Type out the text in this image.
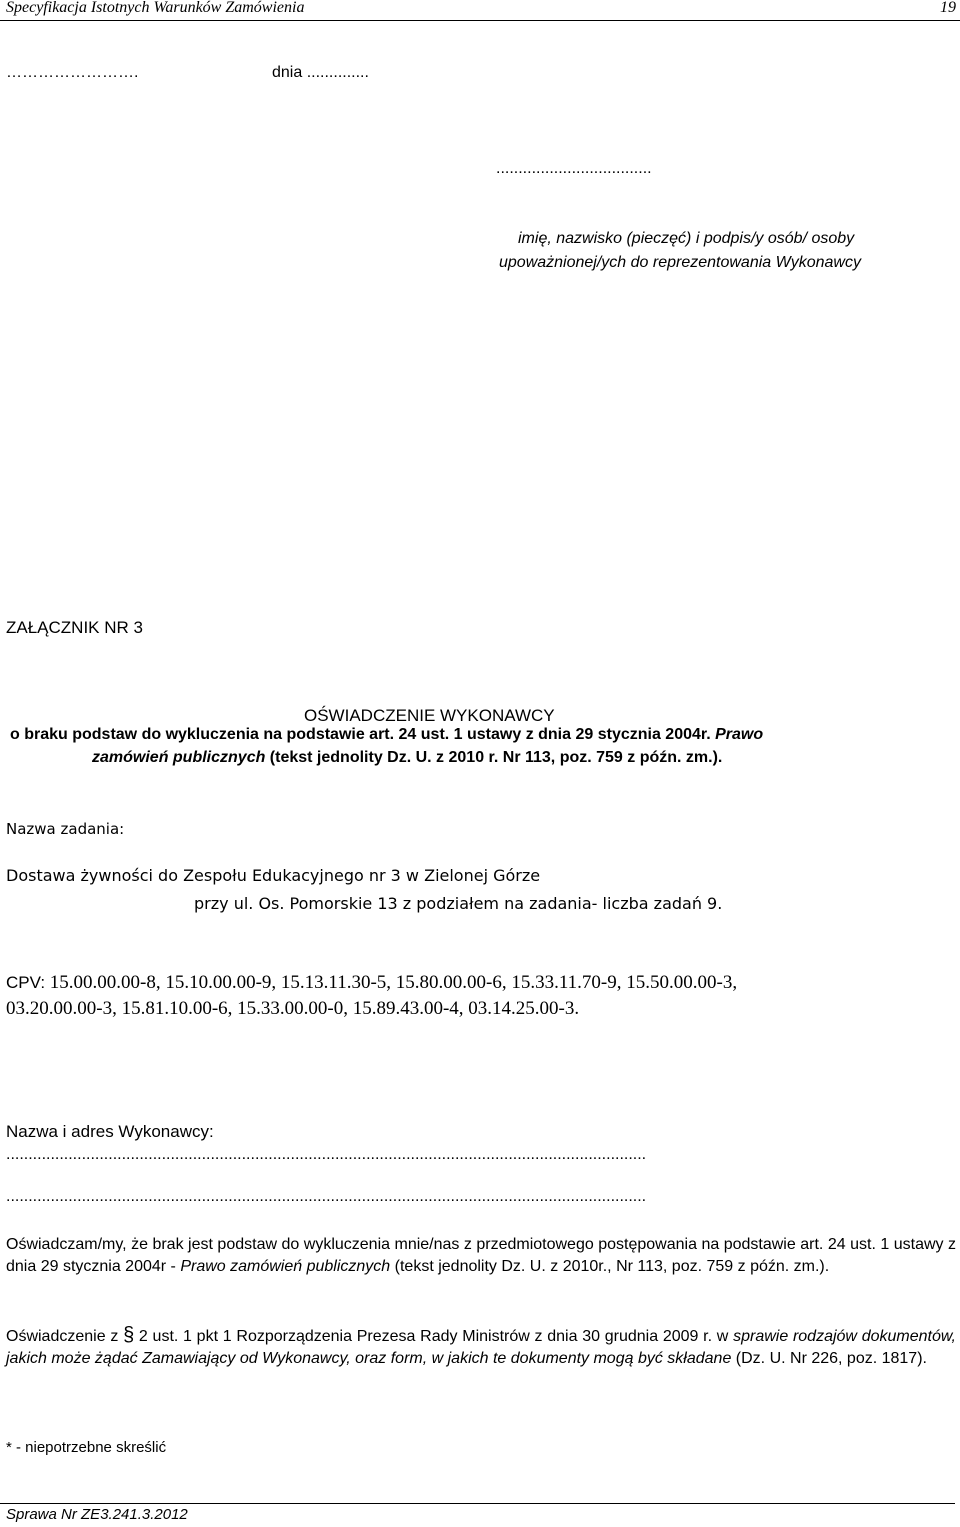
Specyfikacja Istotnych Warunków Zamówienia	19
…………………….	dnia ..............
...................................
imię, nazwisko (pieczęć) i podpis/y osób/ osoby
upoważnionej/ych do reprezentowania Wykonawcy
ZAŁĄCZNIK NR 3
OŚWIADCZENIE WYKONAWCY
o braku podstaw do wykluczenia na podstawie art. 24 ust. 1 ustawy z dnia 29 stycznia 2004r. Prawo
zamówień publicznych (tekst jednolity Dz. U. z 2010 r. Nr 113, poz. 759 z późn. zm.).
Nazwa zadania:
Dostawa żywności do Zespołu Edukacyjnego nr 3 w Zielonej Górze
przy ul. Os. Pomorskie 13 z podziałem na zadania- liczba zadań 9.
CPV: 15.00.00.00-8, 15.10.00.00-9, 15.13.11.30-5, 15.80.00.00-6, 15.33.11.70-9, 15.50.00.00-3,
03.20.00.00-3, 15.81.10.00-6, 15.33.00.00-0, 15.89.43.00-4, 03.14.25.00-3.
Nazwa i adres Wykonawcy:
................................................................................................................................................
................................................................................................................................................
Oświadczam/my, że brak jest podstaw do wykluczenia mnie/nas z przedmiotowego postępowania na podstawie art. 24 ust. 1 ustawy z dnia 29 stycznia 2004r - Prawo zamówień publicznych (tekst jednolity Dz. U. z 2010r., Nr 113, poz. 759 z późn. zm.).
Oświadczenie z § 2 ust. 1 pkt 1 Rozporządzenia Prezesa Rady Ministrów z dnia 30 grudnia 2009 r. w sprawie rodzajów dokumentów, jakich może żądać Zamawiający od Wykonawcy, oraz form, w jakich te dokumenty mogą być składane (Dz. U. Nr 226, poz. 1817).
* - niepotrzebne skreślić
Sprawa Nr ZE3.241.3.2012
